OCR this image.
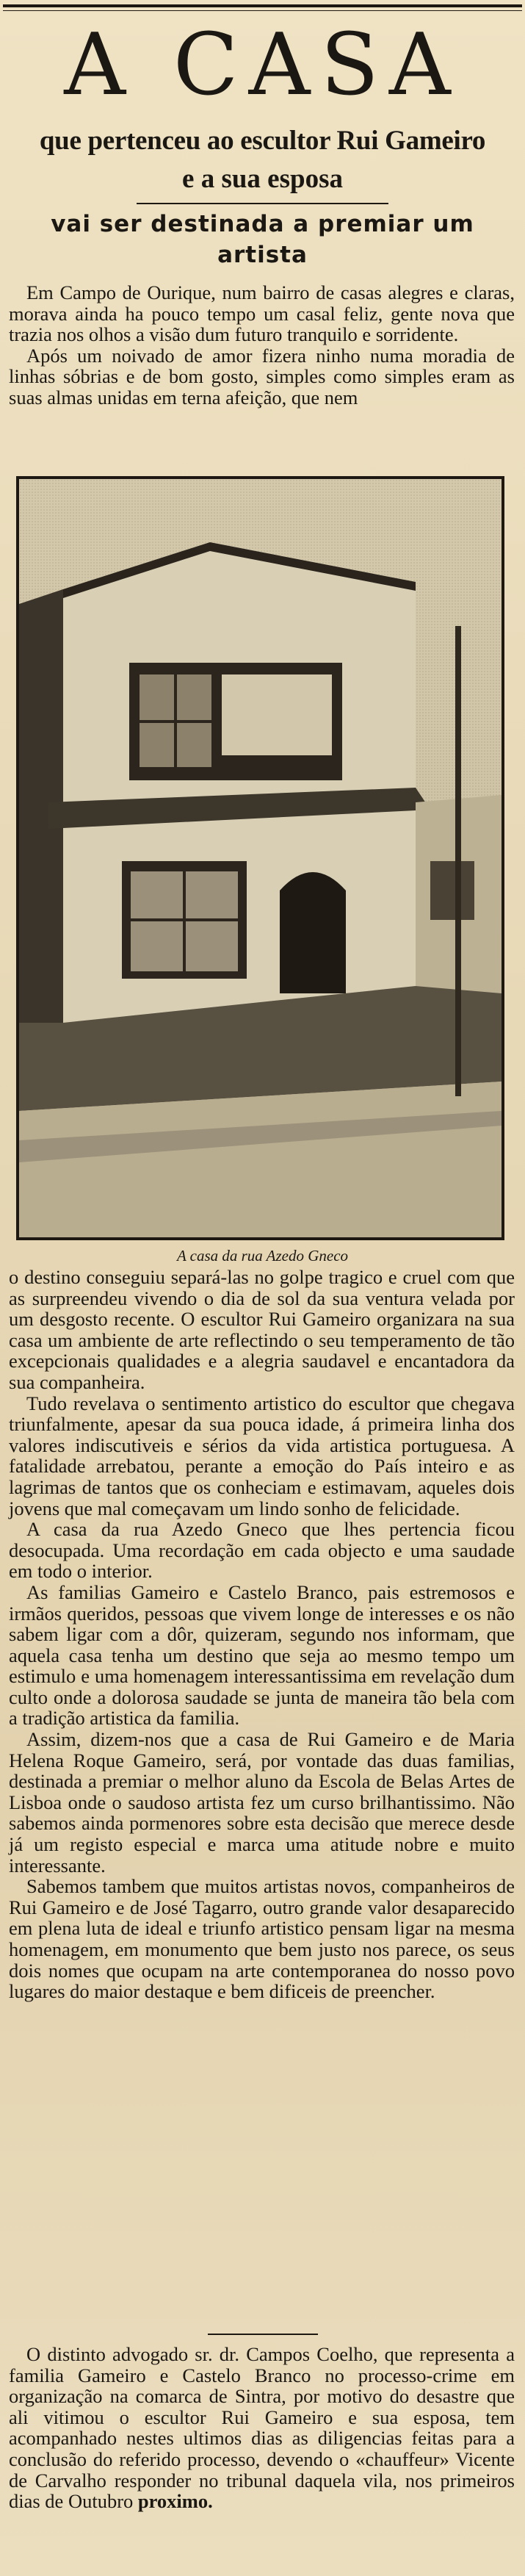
A CASA
que pertenceu ao escultor Rui Gameiro
e a sua esposa
vai ser destinada a premiar um artista

Em Campo de Ourique, num bairro de casas alegres e claras, morava ainda ha pouco tempo um casal feliz, gente nova que trazia nos olhos a visão dum futuro tranquilo e sorridente.

Após um noivado de amor fizera ninho numa moradia de linhas sóbrias e de bom gosto, simples como simples eram as suas almas unidas em terna afeição, que nem

A casa da rua Azedo Gneco

o destino conseguiu separá-las no golpe tragico e cruel com que as surpreendeu vivendo o dia de sol da sua ventura velada por um desgosto recente. O escultor Rui Gameiro organizara na sua casa um ambiente de arte reflectindo o seu temperamento de tão excepcionais qualidades e a alegria saudavel e encantadora da sua companheira.

Tudo revelava o sentimento artistico do escultor que chegava triunfalmente, apesar da sua pouca idade, á primeira linha dos valores indiscutiveis e sérios da vida artistica portuguesa. A fatalidade arrebatou, perante a emoção do País inteiro e as lagrimas de tantos que os conheciam e estimavam, aqueles dois jovens que mal começavam um lindo sonho de felicidade.

A casa da rua Azedo Gneco que lhes pertencia ficou desocupada. Uma recordação em cada objecto e uma saudade em todo o interior.

As familias Gameiro e Castelo Branco, pais estremosos e irmãos queridos, pessoas que vivem longe de interesses e os não sabem ligar com a dôr, quizeram, segundo nos informam, que aquela casa tenha um destino que seja ao mesmo tempo um estimulo e uma homenagem interessantissima em revelação dum culto onde a dolorosa saudade se junta de maneira tão bela com a tradição artistica da familia.

Assim, dizem-nos que a casa de Rui Gameiro e de Maria Helena Roque Gameiro, será, por vontade das duas familias, destinada a premiar o melhor aluno da Escola de Belas Artes de Lisboa onde o saudoso artista fez um curso brilhantissimo. Não sabemos ainda pormenores sobre esta decisão que merece desde já um registo especial e marca uma atitude nobre e muito interessante.

Sabemos tambem que muitos artistas novos, companheiros de Rui Gameiro e de José Tagarro, outro grande valor desaparecido em plena luta de ideal e triunfo artistico pensam ligar na mesma homenagem, em monumento que bem justo nos parece, os seus dois nomes que ocupam na arte contemporanea do nosso povo lugares do maior destaque e bem dificeis de preencher.

O distinto advogado sr. dr. Campos Coelho, que representa a familia Gameiro e Castelo Branco no processo-crime em organização na comarca de Sintra, por motivo do desastre que ali vitimou o escultor Rui Gameiro e sua esposa, tem acompanhado nestes ultimos dias as diligencias feitas para a conclusão do referido processo, devendo o «chauffeur» Vicente de Carvalho responder no tribunal daquela vila, nos primeiros dias de Outubro proximo.
